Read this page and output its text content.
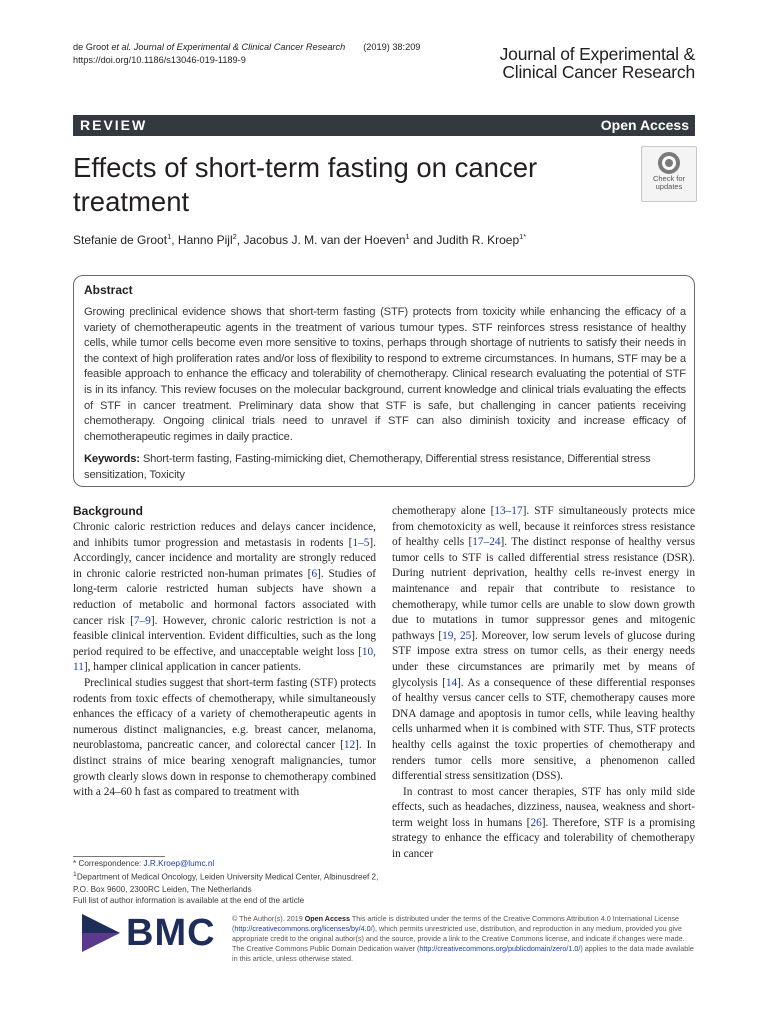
de Groot et al. Journal of Experimental & Clinical Cancer Research (2019) 38:209
https://doi.org/10.1186/s13046-019-1189-9	Journal of Experimental &
Clinical Cancer Research
REVIEW	Open Access
Effects of short-term fasting on cancer treatment
Check for
updates
Stefanie de Groot$^1$, Hanno Pijl$^2$, Jacobus J. M. van der Hoeven$^1$ and Judith R. Kroep$^{1*}$
Abstract
Growing preclinical evidence shows that short-term fasting (STF) protects from toxicity while enhancing the efficacy of a variety of chemotherapeutic agents in the treatment of various tumour types. STF reinforces stress resistance of healthy cells, while tumor cells become even more sensitive to toxins, perhaps through shortage of nutrients to satisfy their needs in the context of high proliferation rates and/or loss of flexibility to respond to extreme circumstances. In humans, STF may be a feasible approach to enhance the efficacy and tolerability of chemotherapy. Clinical research evaluating the potential of STF is in its infancy. This review focuses on the molecular background, current knowledge and clinical trials evaluating the effects of STF in cancer treatment. Preliminary data show that STF is safe, but challenging in cancer patients receiving chemotherapy. Ongoing clinical trials need to unravel if STF can also diminish toxicity and increase efficacy of chemotherapeutic regimes in daily practice.
Keywords: Short-term fasting, Fasting-mimicking diet, Chemotherapy, Differential stress resistance, Differential stress sensitization, Toxicity
Background

Chronic caloric restriction reduces and delays cancer incidence, and inhibits tumor progression and metastasis in rodents [1–5]. Accordingly, cancer incidence and mortality are strongly reduced in chronic calorie restricted non-human primates [6]. Studies of long-term calorie restricted human subjects have shown a reduction of metabolic and hormonal factors associated with cancer risk [7–9]. However, chronic caloric restriction is not a feasible clinical intervention. Evident difficulties, such as the long period required to be effective, and unacceptable weight loss [10, 11], hamper clinical application in cancer patients.

Preclinical studies suggest that short-term fasting (STF) protects rodents from toxic effects of chemotherapy, while simultaneously enhances the efficacy of a variety of chemotherapeutic agents in numerous distinct malignancies, e.g. breast cancer, melanoma, neuroblastoma, pancreatic cancer, and colorectal cancer [12]. In distinct strains of mice bearing xenograft malignancies, tumor growth clearly slows down in response to chemotherapy combined with a 24–60 h fast as compared to treatment with

chemotherapy alone [13–17]. STF simultaneously protects mice from chemotoxicity as well, because it reinforces stress resistance of healthy cells [17–24]. The distinct response of healthy versus tumor cells to STF is called differential stress resistance (DSR). During nutrient deprivation, healthy cells re-invest energy in maintenance and repair that contribute to resistance to chemotherapy, while tumor cells are unable to slow down growth due to mutations in tumor suppressor genes and mitogenic pathways [19, 25]. Moreover, low serum levels of glucose during STF impose extra stress on tumor cells, as their energy needs under these circumstances are primarily met by means of glycolysis [14]. As a consequence of these differential responses of healthy versus cancer cells to STF, chemotherapy causes more DNA damage and apoptosis in tumor cells, while leaving healthy cells unharmed when it is combined with STF. Thus, STF protects healthy cells against the toxic properties of chemotherapy and renders tumor cells more sensitive, a phenomenon called differential stress sensitization (DSS).

In contrast to most cancer therapies, STF has only mild side effects, such as headaches, dizziness, nausea, weakness and short-term weight loss in humans [26]. Therefore, STF is a promising strategy to enhance the efficacy and tolerability of chemotherapy in cancer

* Correspondence: J.R.Kroep@lumc.nl
$^1$Department of Medical Oncology, Leiden University Medical Center, Albinusdreef 2, P.O. Box 9600, 2300RC Leiden, The Netherlands
Full list of author information is available at the end of the article
BMC © The Author(s). 2019 Open Access This article is distributed under the terms of the Creative Commons Attribution 4.0 International License (http://creativecommons.org/licenses/by/4.0/), which permits unrestricted use, distribution, and reproduction in any medium, provided you give appropriate credit to the original author(s) and the source, provide a link to the Creative Commons license, and indicate if changes were made. The Creative Commons Public Domain Dedication waiver (http://creativecommons.org/publicdomain/zero/1.0/) applies to the data made available in this article, unless otherwise stated.
